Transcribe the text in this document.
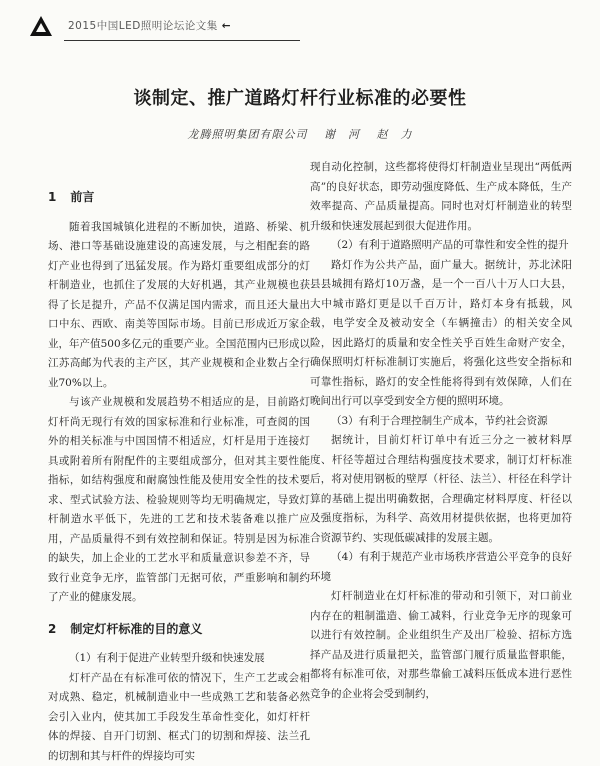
2015中国LED照明论坛论文集 ←
谈制定、推广道路灯杆行业标准的必要性
龙腾照明集团有限公司 谢 河 赵 力
1 前言

随着我国城镇化进程的不断加快，道路、桥梁、机场、港口等基础设施建设的高速发展，与之相配套的路灯产业也得到了迅猛发展。作为路灯重要组成部分的灯杆制造业，也抓住了发展的大好机遇，其产业规模也获得了长足提升，产品不仅满足国内需求，而且还大量出口中东、西欧、南美等国际市场。目前已形成近万家企业，年产值500多亿元的重要产业。全国范围内已形成以江苏高邮为代表的主产区，其产业规模和企业数占全行业70%以上。

与该产业规模和发展趋势不相适应的是，目前路灯灯杆尚无现行有效的国家标准和行业标准，可查阅的国外的相关标准与中国国情不相适应，灯杆是用于连接灯具或附着所有附配件的主要组成部分，但对其主要性能指标，如结构强度和耐腐蚀性能及使用安全性的技术要求、型式试验方法、检验规则等均无明确规定，导致灯杆制造水平低下，先进的工艺和技术装备难以推广应用，产品质量得不到有效控制和保证。特别是因为标准的缺失，加上企业的工艺水平和质量意识参差不齐，导致行业竞争无序，监管部门无据可依，严重影响和制约了产业的健康发展。

2 制定灯杆标准的目的意义

（1）有利于促进产业转型升级和快速发展

灯杆产品在有标准可依的情况下，生产工艺或会相对成熟、稳定，机械制造业中一些成熟工艺和装备必然会引入业内，使其加工手段发生革命性变化，如灯杆杆体的焊接、自开门切割、框式门的切割和焊接、法兰孔的切割和其与杆件的焊接均可实

现自动化控制，这些都将使得灯杆制造业呈现出“两低两高”的良好状态，即劳动强度降低、生产成本降低，生产效率提高、产品质量提高。同时也对灯杆制造业的转型升级和快速发展起到很大促进作用。

（2）有利于道路照明产品的可靠性和安全性的提升

路灯作为公共产品，面广量大。据统计，苏北沭阳县县城拥有路灯10万盏，是一个一百八十万人口大县，大中城市路灯更是以千百万计，路灯本身有抵载，风载，电学安全及被动安全（车辆撞击）的相关安全风险，因此路灯的质量和安全性关乎百姓生命财产安全，确保照明灯杆标准制订实施后，将强化这些安全指标和可靠性指标，路灯的安全性能将得到有效保障，人们在晚间出行可以享受到安全方便的照明环境。

（3）有利于合理控制生产成本，节约社会资源

据统计，目前灯杆订单中有近三分之一被材料厚度、杆径等超过合理结构强度技术要求，制订灯杆标准后，将对使用钢板的壁厚（杆径、法兰）、杆径在科学计算的基础上提出明确数据，合理确定材料厚度、杆径以及强度指标，为科学、高效用材提供依据，也将更加符合资源节约、实现低碳减排的发展主题。

（4）有利于规范产业市场秩序营造公平竞争的良好环境

灯杆制造业在灯杆标准的带动和引领下，对口前业内存在的粗制滥造、偷工减料，行业竞争无序的现象可以进行有效控制。企业组织生产及出厂检验、招标方选择产品及进行质量把关，监管部门履行质量监督职能，都将有标准可依，对那些靠偷工减料压低成本进行恶性竞争的企业将会受到制约，
